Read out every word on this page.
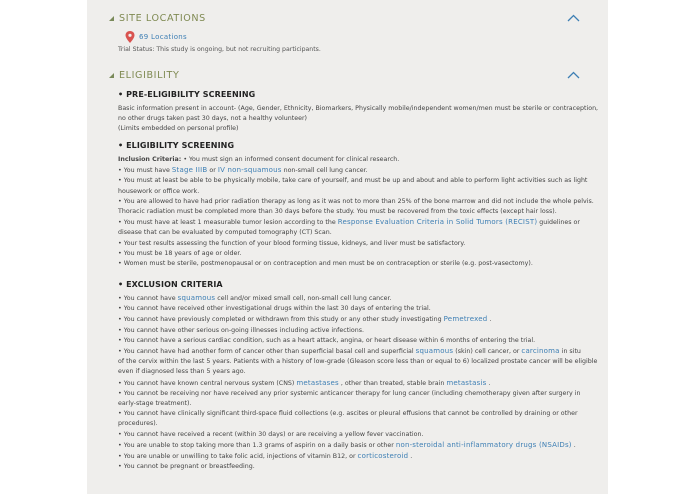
SITE LOCATIONS
69 Locations
Trial Status: This study is ongoing, but not recruiting participants.
ELIGIBILITY
• PRE-ELIGIBILITY SCREENING
Basic information present in account- (Age, Gender, Ethnicity, Biomarkers, Physically mobile/independent women/men must be sterile or contraception,
no other drugs taken past 30 days, not a healthy volunteer)
(Limits embedded on personal profile)
• ELIGIBILITY SCREENING
Inclusion Criteria: • You must sign an informed consent document for clinical research.
• You must have Stage IIIB or IV non-squamous non-small cell lung cancer.
• You must at least be able to be physically mobile, take care of yourself, and must be up and about and able to perform light activities such as light
housework or office work.
• You are allowed to have had prior radiation therapy as long as it was not to more than 25% of the bone marrow and did not include the whole pelvis.
Thoracic radiation must be completed more than 30 days before the study. You must be recovered from the toxic effects (except hair loss).
• You must have at least 1 measurable tumor lesion according to the Response Evaluation Criteria in Solid Tumors (RECIST) guidelines or
disease that can be evaluated by computed tomography (CT) Scan.
• Your test results assessing the function of your blood forming tissue, kidneys, and liver must be satisfactory.
• You must be 18 years of age or older.
• Women must be sterile, postmenopausal or on contraception and men must be on contraception or sterile (e.g. post-vasectomy).
• EXCLUSION CRITERIA
• You cannot have squamous cell and/or mixed small cell, non-small cell lung cancer.
• You cannot have received other investigational drugs within the last 30 days of entering the trial.
• You cannot have previously completed or withdrawn from this study or any other study investigating Pemetrexed .
• You cannot have other serious on-going illnesses including active infections.
• You cannot have a serious cardiac condition, such as a heart attack, angina, or heart disease within 6 months of entering the trial.
• You cannot have had another form of cancer other than superficial basal cell and superficial squamous (skin) cell cancer, or carcinoma in situ
of the cervix within the last 5 years. Patients with a history of low-grade (Gleason score less than or equal to 6) localized prostate cancer will be eligible
even if diagnosed less than 5 years ago.
• You cannot have known central nervous system (CNS) metastases , other than treated, stable brain metastasis .
• You cannot be receiving nor have received any prior systemic anticancer therapy for lung cancer (including chemotherapy given after surgery in
early-stage treatment).
• You cannot have clinically significant third-space fluid collections (e.g. ascites or pleural effusions that cannot be controlled by draining or other
procedures).
• You cannot have received a recent (within 30 days) or are receiving a yellow fever vaccination.
• You are unable to stop taking more than 1.3 grams of aspirin on a daily basis or other non-steroidal anti-inflammatory drugs (NSAIDs) .
• You are unable or unwilling to take folic acid, injections of vitamin B12, or corticosteroid .
• You cannot be pregnant or breastfeeding.
